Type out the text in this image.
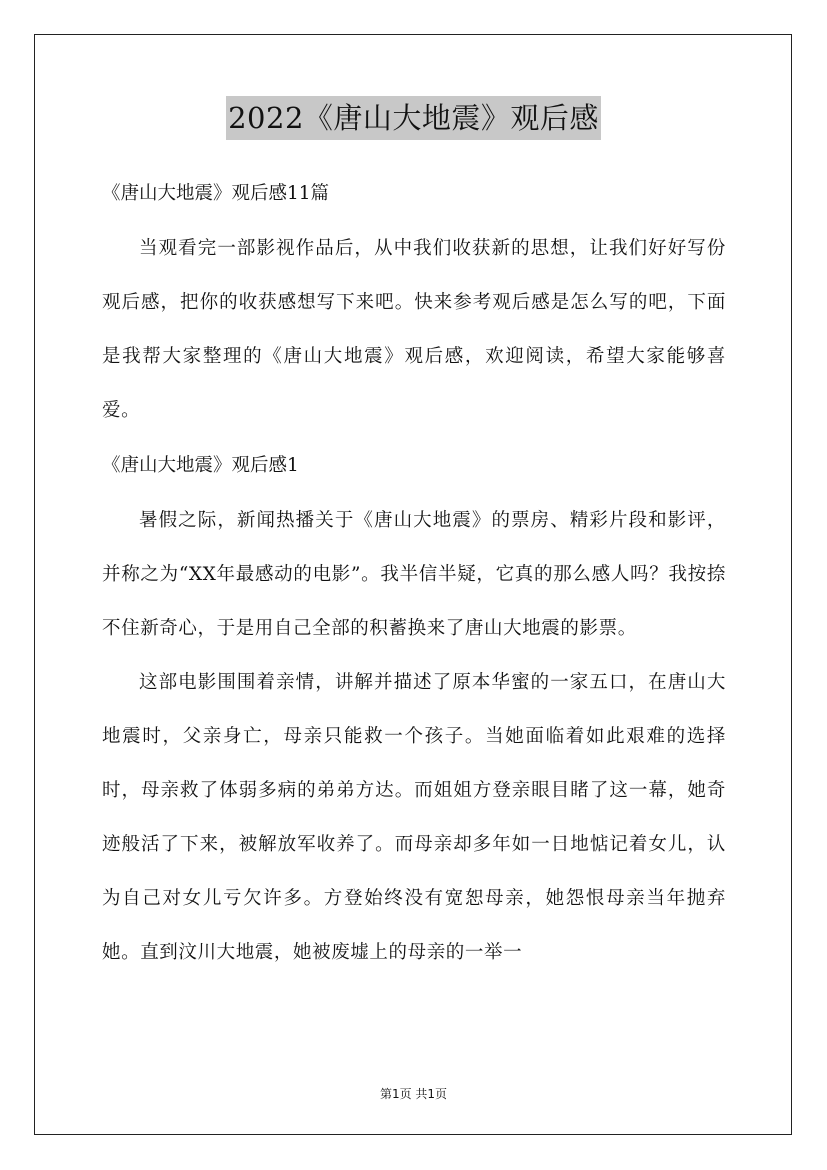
2022《唐山大地震》观后感

《唐山大地震》观后感11篇

当观看完一部影视作品后，从中我们收获新的思想，让我们好好写份观后感，把你的收获感想写下来吧。快来参考观后感是怎么写的吧，下面是我帮大家整理的《唐山大地震》观后感，欢迎阅读，希望大家能够喜爱。

《唐山大地震》观后感1

暑假之际，新闻热播关于《唐山大地震》的票房、精彩片段和影评，并称之为“XX年最感动的电影”。我半信半疑，它真的那么感人吗？我按捺不住新奇心，于是用自己全部的积蓄换来了唐山大地震的影票。

这部电影围围着亲情，讲解并描述了原本华蜜的一家五口，在唐山大地震时，父亲身亡，母亲只能救一个孩子。当她面临着如此艰难的选择时，母亲救了体弱多病的弟弟方达。而姐姐方登亲眼目睹了这一幕，她奇迹般活了下来，被解放军收养了。而母亲却多年如一日地惦记着女儿，认为自己对女儿亏欠许多。方登始终没有宽恕母亲，她怨恨母亲当年抛弃她。直到汶川大地震，她被废墟上的母亲的一举一

第1页 共1页
